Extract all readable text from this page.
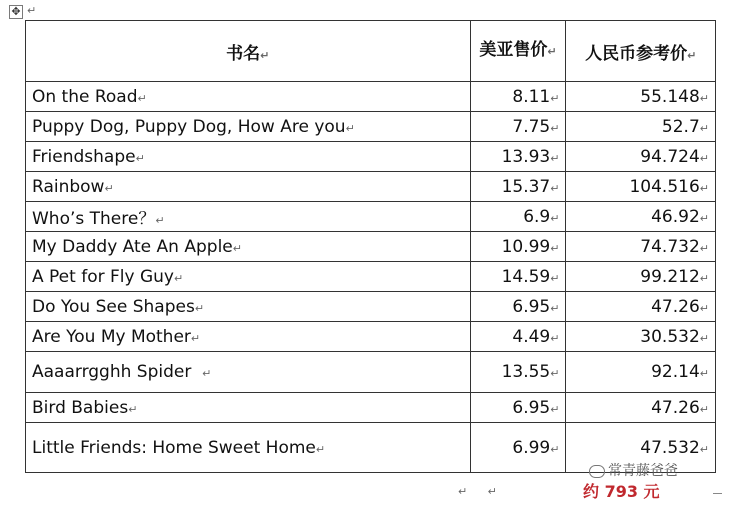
✥ ↵
书名↵	美亚售价↵	人民币参考价↵
On the Road↵	8.11↵	55.148↵
Puppy Dog, Puppy Dog, How Are you↵	7.75↵	52.7↵
Friendshape↵	13.93↵	94.724↵
Rainbow↵	15.37↵	104.516↵
Who’s There？↵	6.9↵	46.92↵
My Daddy Ate An Apple↵	10.99↵	74.732↵
A Pet for Fly Guy↵	14.59↵	99.212↵
Do You See Shapes↵	6.95↵	47.26↵
Are You My Mother↵	4.49↵	30.532↵
Aaaarrgghh Spider ↵	13.55↵	92.14↵
Bird Babies↵	6.95↵	47.26↵
Little Friends: Home Sweet Home↵	6.99↵	47.532↵
↵ ↵
常青藤爸爸
约 793 元
